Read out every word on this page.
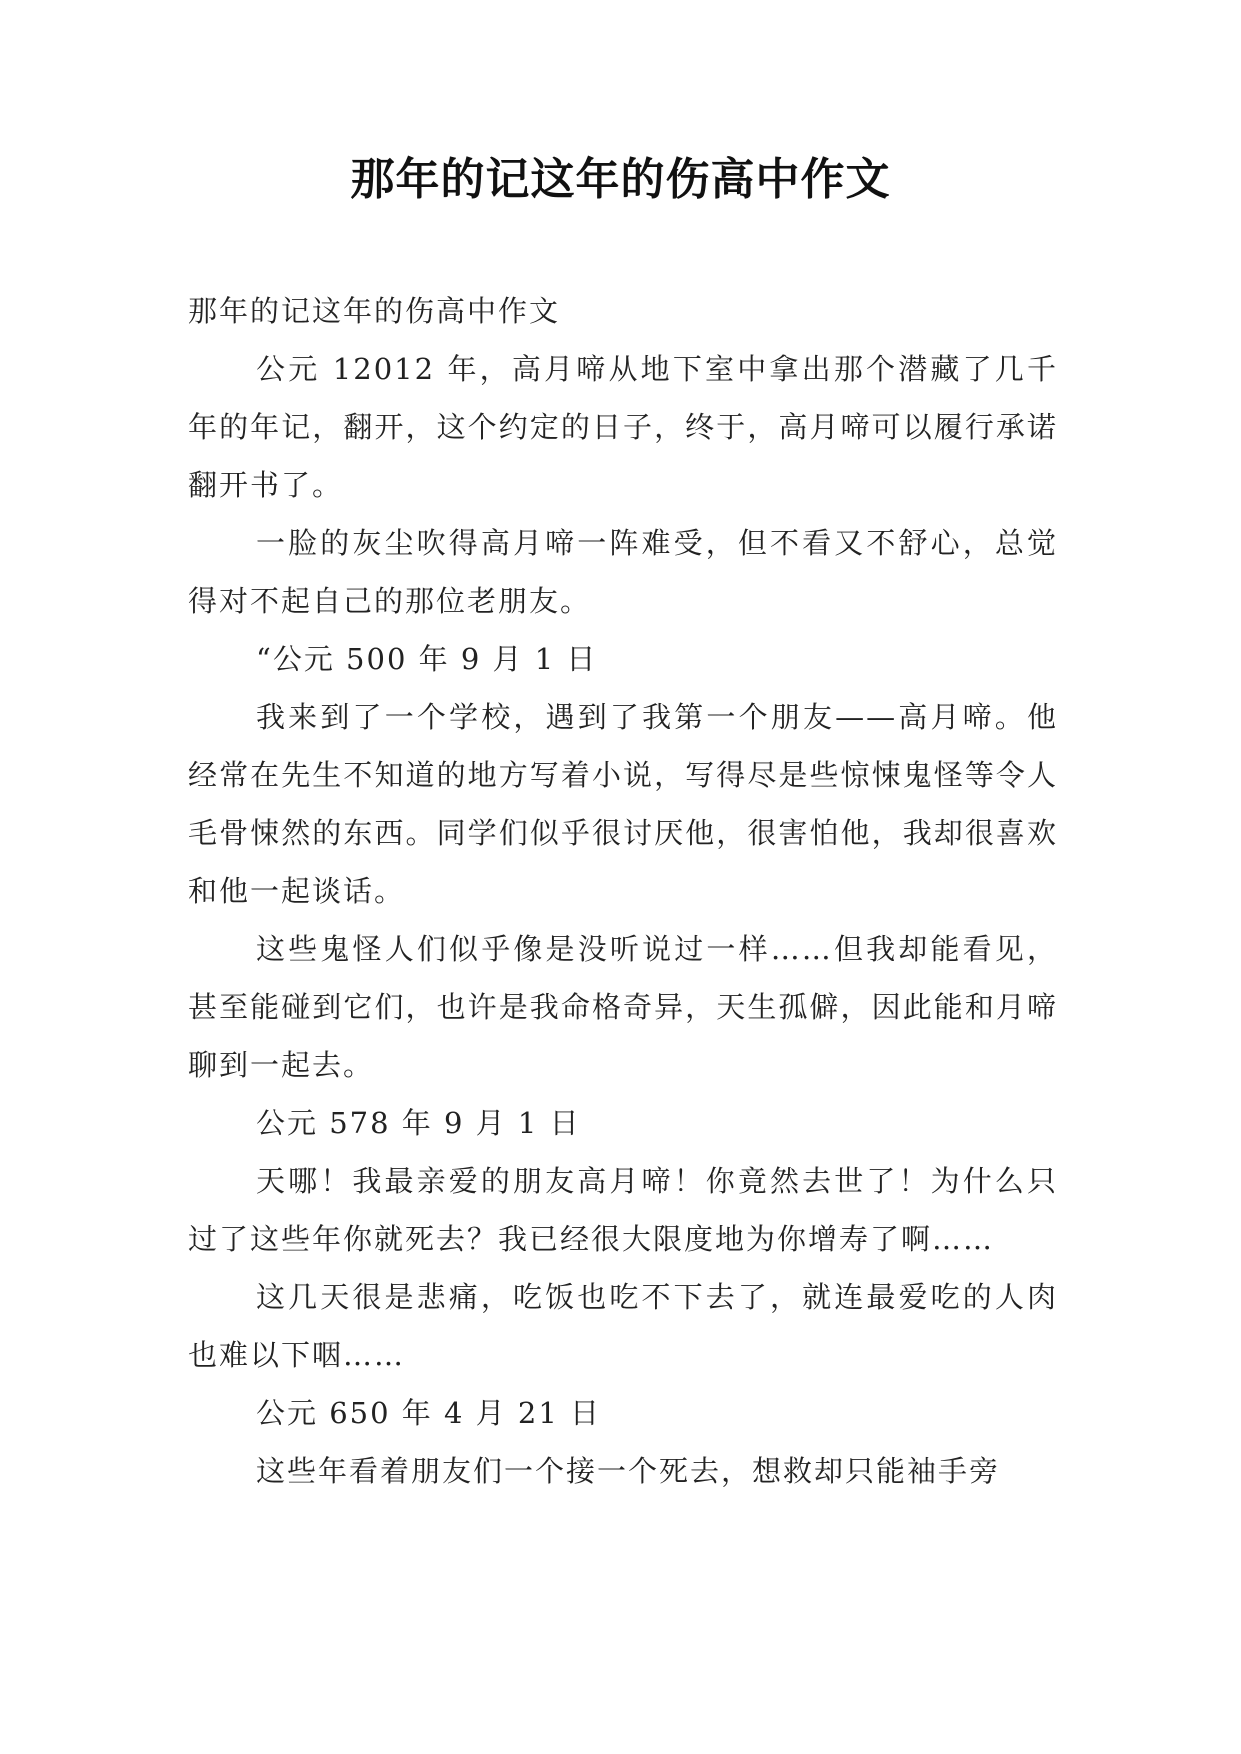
那年的记这年的伤高中作文

那年的记这年的伤高中作文

公元 12012 年，高月啼从地下室中拿出那个潜藏了几千年的年记，翻开，这个约定的日子，终于，高月啼可以履行承诺翻开书了。

一脸的灰尘吹得高月啼一阵难受，但不看又不舒心，总觉得对不起自己的那位老朋友。

“公元 500 年 9 月 1 日

我来到了一个学校，遇到了我第一个朋友——高月啼。他经常在先生不知道的地方写着小说，写得尽是些惊悚鬼怪等令人毛骨悚然的东西。同学们似乎很讨厌他，很害怕他，我却很喜欢和他一起谈话。

这些鬼怪人们似乎像是没听说过一样……但我却能看见，甚至能碰到它们，也许是我命格奇异，天生孤僻，因此能和月啼聊到一起去。

公元 578 年 9 月 1 日

天哪！我最亲爱的朋友高月啼！你竟然去世了！为什么只过了这些年你就死去？我已经很大限度地为你增寿了啊……

这几天很是悲痛，吃饭也吃不下去了，就连最爱吃的人肉也难以下咽……

公元 650 年 4 月 21 日

这些年看着朋友们一个接一个死去，想救却只能袖手旁
